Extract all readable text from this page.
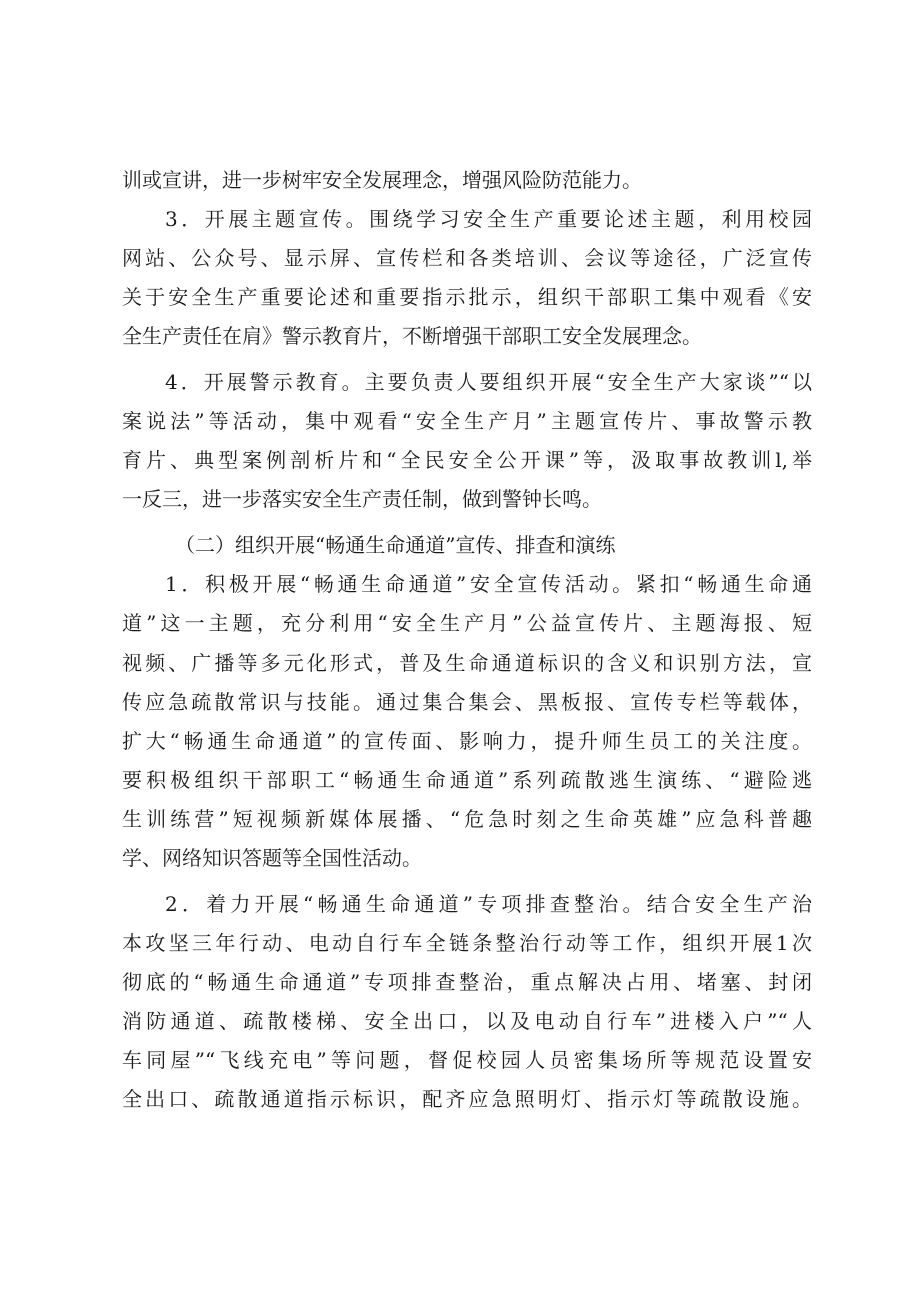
训或宣讲，进一步树牢安全发展理念，增强风险防范能力。
3．开展主题宣传。围绕学习安全生产重要论述主题，利用校园
网站、公众号、显示屏、宣传栏和各类培训、会议等途径，广泛宣传
关于安全生产重要论述和重要指示批示，组织干部职工集中观看《安
全生产责任在肩》警示教育片，不断增强干部职工安全发展理念。
4．开展警示教育。主要负责人要组织开展“安全生产大家谈”“以
案说法”等活动，集中观看“安全生产月”主题宣传片、事故警示教
育片、典型案例剖析片和“全民安全公开课”等，汲取事故教训l,举
一反三，进一步落实安全生产责任制，做到警钟长鸣。
（二）组织开展“畅通生命通道”宣传、排查和演练
1．积极开展“畅通生命通道”安全宣传活动。紧扣“畅通生命通
道”这一主题，充分利用“安全生产月”公益宣传片、主题海报、短
视频、广播等多元化形式，普及生命通道标识的含义和识别方法，宣
传应急疏散常识与技能。通过集合集会、黑板报、宣传专栏等载体，
扩大“畅通生命通道”的宣传面、影响力，提升师生员工的关注度。
要积极组织干部职工“畅通生命通道”系列疏散逃生演练、“避险逃
生训练营”短视频新媒体展播、“危急时刻之生命英雄”应急科普趣
学、网络知识答题等全国性活动。
2．着力开展“畅通生命通道”专项排查整治。结合安全生产治
本攻坚三年行动、电动自行车全链条整治行动等工作，组织开展1次
彻底的“畅通生命通道”专项排查整治，重点解决占用、堵塞、封闭
消防通道、疏散楼梯、安全出口，以及电动自行车”进楼入户”“人
车同屋”“飞线充电”等问题，督促校园人员密集场所等规范设置安
全出口、疏散通道指示标识，配齐应急照明灯、指示灯等疏散设施。
